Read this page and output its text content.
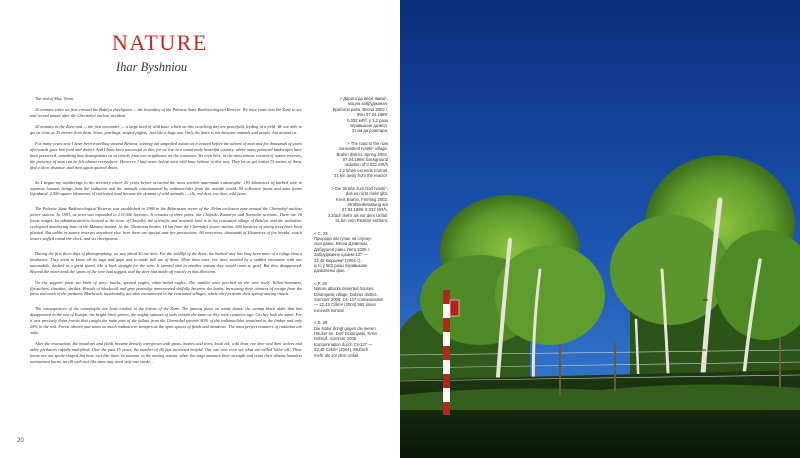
NATURE
Ihar Byshniou

The end of May. Noon.

20 minutes since we first crossed the Babčyn checkpoint — the boundary of the Palessie State Radioecological Reserve. We have come into the Zone to see and record nature after the Chernobyl nuclear accident.

20 minutes in the Zone and — the first encounter — a large herd of wild boar, which on this scorching day are peacefully feeding in a field. We are able to get as close as 15 metres from them. Sows, yearlings, striped piglets. Just like a huge zoo. Only the fence is not between animals and people, but around us.

For many years now I have been travelling around Belarus, seeking out unspoiled nature as it existed before the advent of man and for thousands of years afterwards gave him food and shelter. And I have been successful in this, for we live in a wondrously beautiful country, where many primeval landscapes have been preserved, something that distinguishes us so clearly from our neighbours on the continent. Yet even here, in the most remote corners of nature reserves, the presence of man can be felt almost everywhere. However, I had never before seen wild boar behave in this way. They let us get within 15 metres of them, fled a short distance, and then again quieted down.

So I began my wanderings in the territory where 20 years before occurred the most terrible man-made catastrophe. 193 kilometres of barbed wire to separate humans beings from the radiation and the animals contaminated by radionuclides from the outside world. 94 collective farms and state farms liquidated. 2,500 square kilometres of cultivated land became the domain of wild animals — elk, red deer, roe deer, wild boar...

The Palessie State Radioecological Reserve was established in 1988 in the Belarusian sector of the 30-km exclusion zone around the Chernobyl nuclear power station. In 1993, its area was expanded to 215,000 hectares. It consists of three parts: the Chojniki, Kamaryn and Narowlia sections. There are 16 forest ranges. Its administration is located in the town of Chojniki; the scientific and research base is in the evacuated village of Babčyn, and the radiation-ecological monitoring base at the Masany station, by the Ukrainian border, 10 km from the Chernobyl power station. 600 hectares of young trees have been planted. But unlike in nature reserves anywhere else, here there are special anti-fire precautions: 60 reservoirs, thousands of kilometres of fire breaks, watch towers staffed round the clock, and six checkpoints...

During the first three days of photographing, we saw about 50 roe deer. For the wildlife of the Zone, the barbed wire has long been more of a refuge than a hindrance. They seem to know all its sags and gaps and to make full use of them. More than once, roe deer, startled by a sudden encounter with our automobile, dashed at a great speed, like a bird, straight for the wire. It seemed that in another instant they would come to grief. But they disappeared. Beyond the outer bank the spans of the wire had sagged, and the deer had made off exactly in that direction.

On the support posts sat birds of prey: hawks, spotted eagles, white-tailed eagles. The smaller ones perched on the wire itself. Yellow-hammers, flycatchers, thrushes, shrikes. Broods of blackcock and grey partridge manoeuvred skilfully between the barbs, increasing their chances of escape from the paws and teeth of the predator. Blackcock, incidentally, are also encountered in the evacuated villages, where they perform their spring-mating rituals.

The consequences of the catastrophe are least evident in the forests of the Zone. The famous pines on sandy dunes, the swamp black alder that has disappeared in the rest of Europe, the bright birch groves, the mighty statures of oaks remain the same as they were centuries ago. Or they look the same. For it was precisely these forests that caught the main part of the fallout from the Chernobyl reactor. 80% of the radionuclides remained in the timber and only 20% in the soil. Forest absorb four times as much radioactive isotopes as the open spaces of fields and meadows. The most perfect retainers of radiation are oaks.

After the evacuation, the meadows and fields became densely overgrown with grass, bushes and trees, local elk, wild boar, roe deer and then wolves and other predators rapidly multiplied. Over the past 15 years, the number of elk has increased tenfold. One can now even see what are called 'killer elk'. Their horns are not spade-shaped but have awl-like tines. In autumn, in the mating season, when the stags measure their strength and cross their almost harmless tournament horns, an elk with awl-like tines may need only one stroke...

> Дарога да вёскі Іванкі*,
моцна забруджаная,
Брагінскі раён. Вясна 2002 г.
Фон 07.04.1989:
0,032 мР/г, у 3,2 раза
перавышае дазвол.
31 км да рэактара.
> The road to the now
nonexistent Ivanki* village.
Brahin district. Spring 2002.
07.04.1989: background
radiation of 0,032 mR/h
3,2 times exceeds normal.
31 km away from the reactor.
> Die Straße zum Dorf Ivanki*,
das es nicht mehr gibt.
Kreis Brahin, Frühling 2002.
Strahlenbelastung am
07.04.1989: 0,032 mR/h,
3,2fach mehr als vor dem Unfall.
31 km vom Reaktor entfernt.
< С. 29
Прырода наступае на спусце-
лыя дамы. Вёска Дзям'яны,
Добрушскі раён. Лета 2005 г.
Забруджанне цэзіем-137 —
22,48 Кюры/км² (2004 г.),
што ў 562 разы перавышае
дазволены фон.
< P. 29
Nature attacks deserted houses.
Dziamjanki village, Dobrus district.
Summer 2005. Cs-137 contamination
— 22,48 Ci/km² (2004) 562 times
exceeds normal.
< S. 29
Die Natur dringt gegen die leeren
Häuser an. Dorf Dziamjanki, Kreis
Dobruš. Sommer 2005.
Kontamination durch Cs-137 —
22,48 Ci/km² (2004), 562fach
mehr als vor dem Unfall.
20
